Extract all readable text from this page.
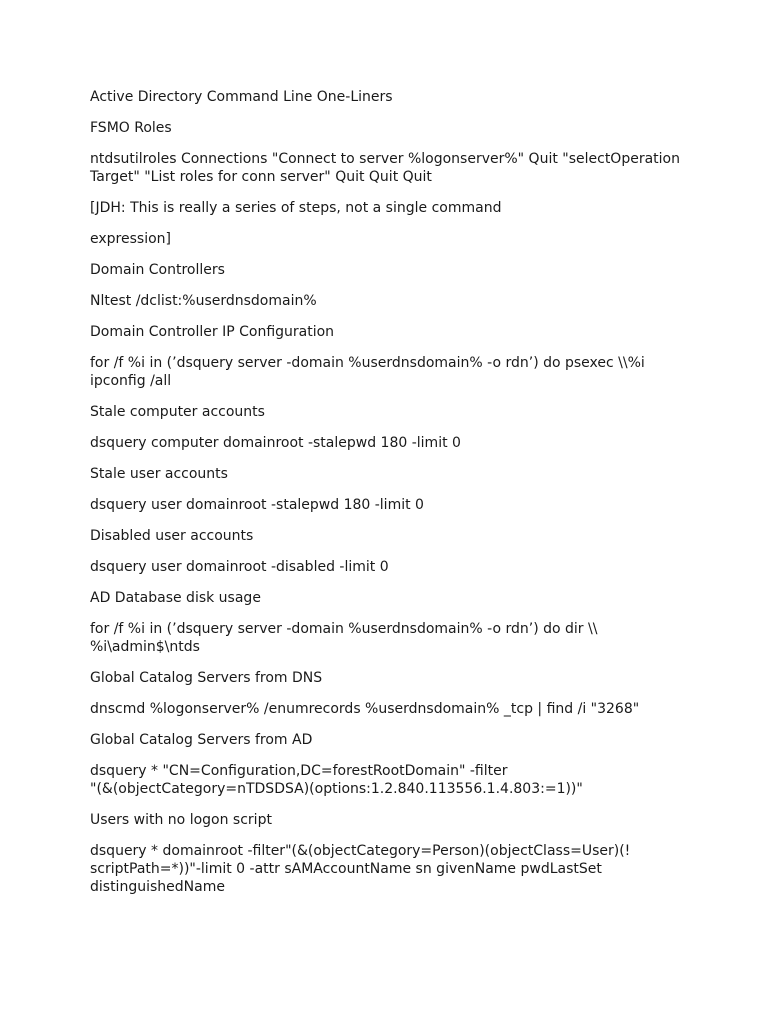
Active Directory Command Line One-Liners

FSMO Roles

ntdsutilroles Connections "Connect to server %logonserver%" Quit "selectOperation
Target" "List roles for conn server" Quit Quit Quit

[JDH: This is really a series of steps, not a single command

expression]

Domain Controllers

Nltest /dclist:%userdnsdomain%

Domain Controller IP Configuration

for /f %i in (’dsquery server -domain %userdnsdomain% -o rdn’) do psexec \\%i
ipconfig /all

Stale computer accounts

dsquery computer domainroot -stalepwd 180 -limit 0

Stale user accounts

dsquery user domainroot -stalepwd 180 -limit 0

Disabled user accounts

dsquery user domainroot -disabled -limit 0

AD Database disk usage

for /f %i in (’dsquery server -domain %userdnsdomain% -o rdn’) do dir \\
%i\admin$\ntds

Global Catalog Servers from DNS

dnscmd %logonserver% /enumrecords %userdnsdomain% _tcp | find /i "3268"

Global Catalog Servers from AD

dsquery * "CN=Configuration,DC=forestRootDomain" -filter
"(&(objectCategory=nTDSDSA)(options:1.2.840.113556.1.4.803:=1))"

Users with no logon script

dsquery * domainroot -filter"(&(objectCategory=Person)(objectClass=User)(!
scriptPath=*))"-limit 0 -attr sAMAccountName sn givenName pwdLastSet
distinguishedName
